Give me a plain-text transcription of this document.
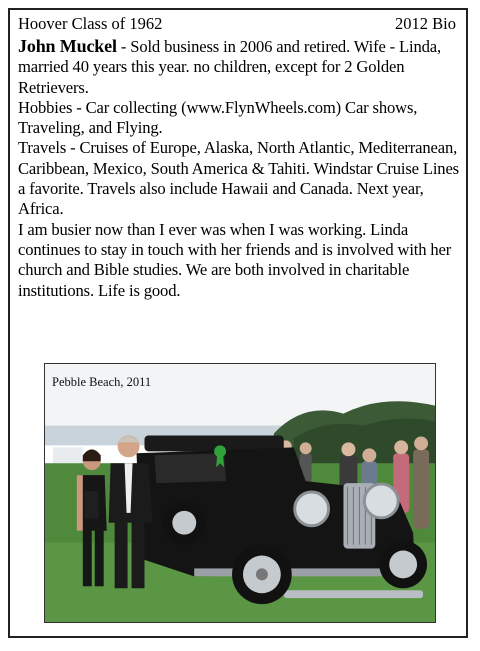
Hoover Class of 1962	2012 Bio

John Muckel - Sold business in 2006 and retired. Wife - Linda, married 40 years this year. no children, except for 2 Golden Retrievers.

Hobbies - Car collecting (www.FlynWheels.com) Car shows, Traveling, and Flying.

Travels - Cruises of Europe, Alaska, North Atlantic, Mediterranean, Caribbean, Mexico, South America & Tahiti. Windstar Cruise Lines a favorite. Travels also include Hawaii and Canada. Next year, Africa.

I am busier now than I ever was when I was working. Linda continues to stay in touch with her friends and is involved with her church and Bible studies. We are both involved in charitable institutions. Life is good.

Pebble Beach, 2011
